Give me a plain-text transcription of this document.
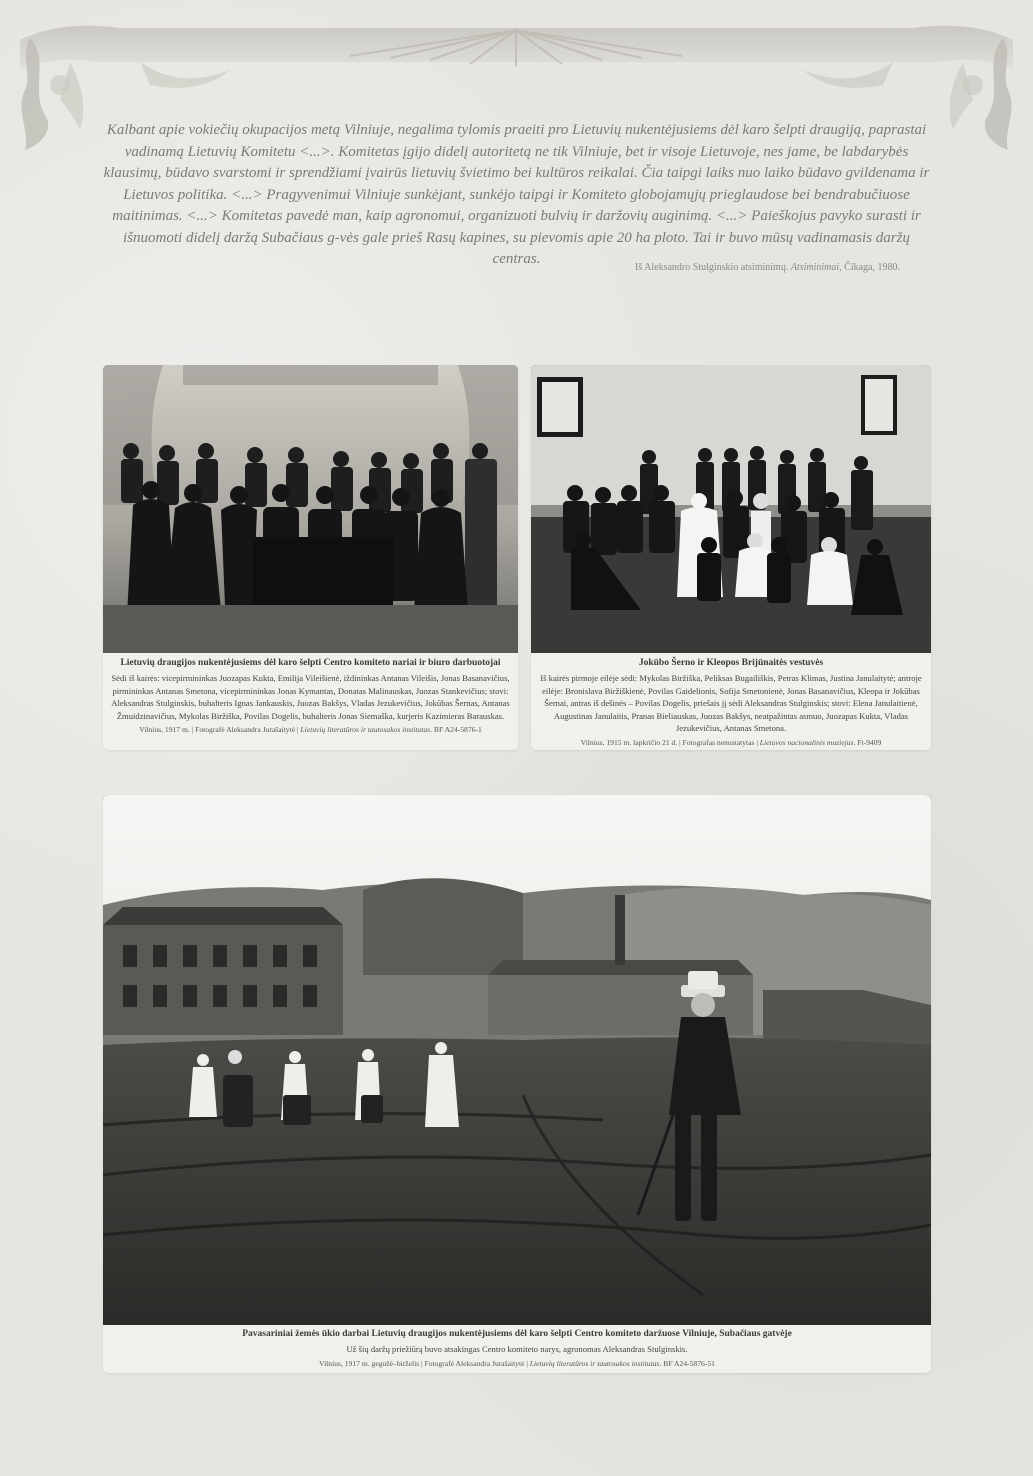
Kalbant apie vokiečių okupacijos metą Vilniuje, negalima tylomis praeiti pro Lietuvių nukentėjusiems dėl karo šelpti draugiją, paprastai vadinamą Lietuvių Komitetu <...>. Komitetas įgijo didelį autoritetą ne tik Vilniuje, bet ir visoje Lietuvoje, nes jame, be labdarybės klausimų, būdavo svarstomi ir sprendžiami įvairūs lietuvių švietimo bei kultūros reikalai. Čia taipgi laiks nuo laiko būdavo gvildenama ir Lietuvos politika. <...> Pragyvenimui Vilniuje sunkėjant, sunkėjo taipgi ir Komiteto globojamųjų prieglaudose bei bendrabučiuose maitinimas. <...> Komitetas pavedė man, kaip agronomui, organizuoti bulvių ir daržovių auginimą. <...> Paieškojus pavyko surasti ir išnuomoti didelį daržą Subačiaus g-vės gale prieš Rasų kapines, su pievomis apie 20 ha ploto. Tai ir buvo mūsų vadinamasis daržų centras.

Iš Aleksandro Stulginskio atsiminimų. Atsiminimai, Čikaga, 1980.
Lietuvių draugijos nukentėjusiems dėl karo šelpti Centro komiteto nariai ir biuro darbuotojai
Sėdi iš kairės: vicepirmininkas Juozapas Kukta, Emilija Vileišienė, iždininkas Antanas Vileišis, Jonas Basanavičius, pirmininkas Antanas Smetona, vicepirmininkas Jonas Kymantas, Donatas Malinauskas, Juozas Stankevičius; stovi: Aleksandras Stulginskis, buhalteris Ignas Jankauskis, Juozas Bakšys, Vladas Jezukevičius, Jokūbas Šernas, Antanas Žmuidzinavičius, Mykolas Biržiška, Povilas Dogelis, buhalteris Jonas Siemaška, kurjeris Kazimieras Barauskas.
Vilnius, 1917 m. | Fotografė Aleksandra Jurašaitytė | Lietuvių literatūros ir tautosakos institutas. BF A24-5876-1
Jokūbo Šerno ir Kleopos Brijūnaitės vestuvės
Iš kairės pirmoje eilėje sėdi: Mykolas Biržiška, Peliksas Bugailiškis, Petras Klimas, Justina Janulaitytė; antroje eilėje: Bronislava Biržiškienė, Povilas Gaidelionis, Sofija Smetonienė, Jonas Basanavičius, Kleopa ir Jokūbas Šernai, antras iš dešinės – Povilas Dogelis, priešais jį sėdi Aleksandras Stulginskis; stovi: Elena Janulaitienė, Augustinas Janulaitis, Pranas Bieliauskas, Juozas Bakšys, neatpažintas asmuo, Juozapas Kukta, Vladas Jezukevičius, Antanas Smetona.
Vilnius, 1915 m. lapkričio 21 d. | Fotografas nenustatytas | Lietuvos nacionalinis muziejus. Ft-9409
Pavasariniai žemės ūkio darbai Lietuvių draugijos nukentėjusiems dėl karo šelpti Centro komiteto daržuose Vilniuje, Subačiaus gatvėje
Už šių daržų priežiūrą buvo atsakingas Centro komiteto narys, agronomas Aleksandras Stulginskis.
Vilnius, 1917 m. gegužė–birželis | Fotografė Aleksandra Jurašaitytė | Lietuvių literatūros ir tautosakos institutas. BF A24-5876-51
